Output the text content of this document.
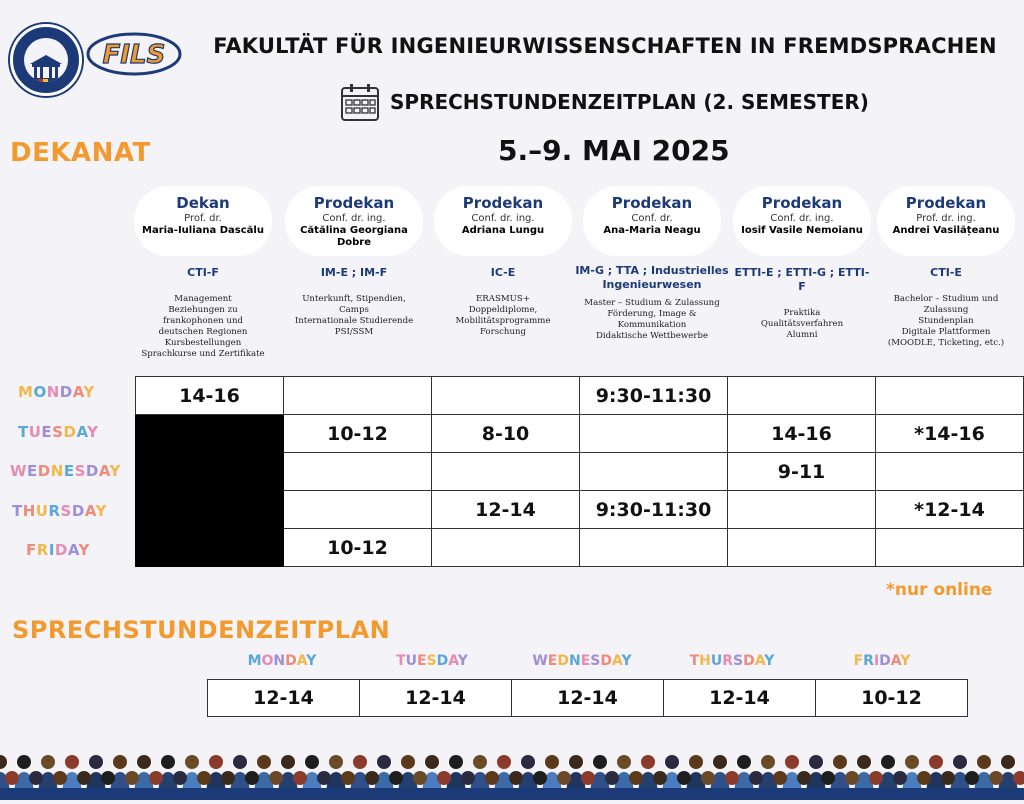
FILS	FAKULTÄT FÜR INGENIEURWISSENSCHAFTEN IN FREMDSPRACHEN
SPRECHSTUNDENZEITPLAN (2. SEMESTER)
5.–9. MAI 2025
DEKANAT
Dekan
Prof. dr.
Maria-Iuliana Dascălu
CTI-F
Management
Beziehungen zu
frankophonen und
deutschen Regionen
Kursbestellungen
Sprachkurse und Zertifikate
Prodekan
Conf. dr. ing.
Cătălina Georgiana Dobre
IM-E ; IM-F
Unterkunft, Stipendien,
Camps
Internationale Studierende
PSI/SSM
Prodekan
Conf. dr. ing.
Adriana Lungu
IC-E
ERASMUS+
Doppeldiplome,
Mobilitätsprogramme
Forschung
Prodekan
Conf. dr.
Ana-Maria Neagu
IM-G ; TTA ; Industrielles Ingenieurwesen
Master – Studium & Zulassung
Förderung, Image &
Kommunikation
Didaktische Wettbewerbe
Prodekan
Conf. dr. ing.
Iosif Vasile Nemoianu
ETTI-E ; ETTI-G ; ETTI-F
Praktika
Qualitätsverfahren
Alumni
Prodekan
Prof. dr. ing.
Andrei Vasilățeanu
CTI-E
Bachelor – Studium und
Zulassung
Stundenplan
Digitale Plattformen
(MOODLE, Ticketing, etc.)
MONDAY
TUESDAY
WEDNESDAY
THURSDAY
FRIDAY
14-16			9:30-11:30		
	10-12	8-10		14-16	*14-16
				9-11	
		12-14	9:30-11:30		*12-14
	10-12				
*nur online
SPRECHSTUNDENZEITPLAN
MONDAY	TUESDAY	WEDNESDAY	THURSDAY	FRIDAY
12-14	12-14	12-14	12-14	10-12
